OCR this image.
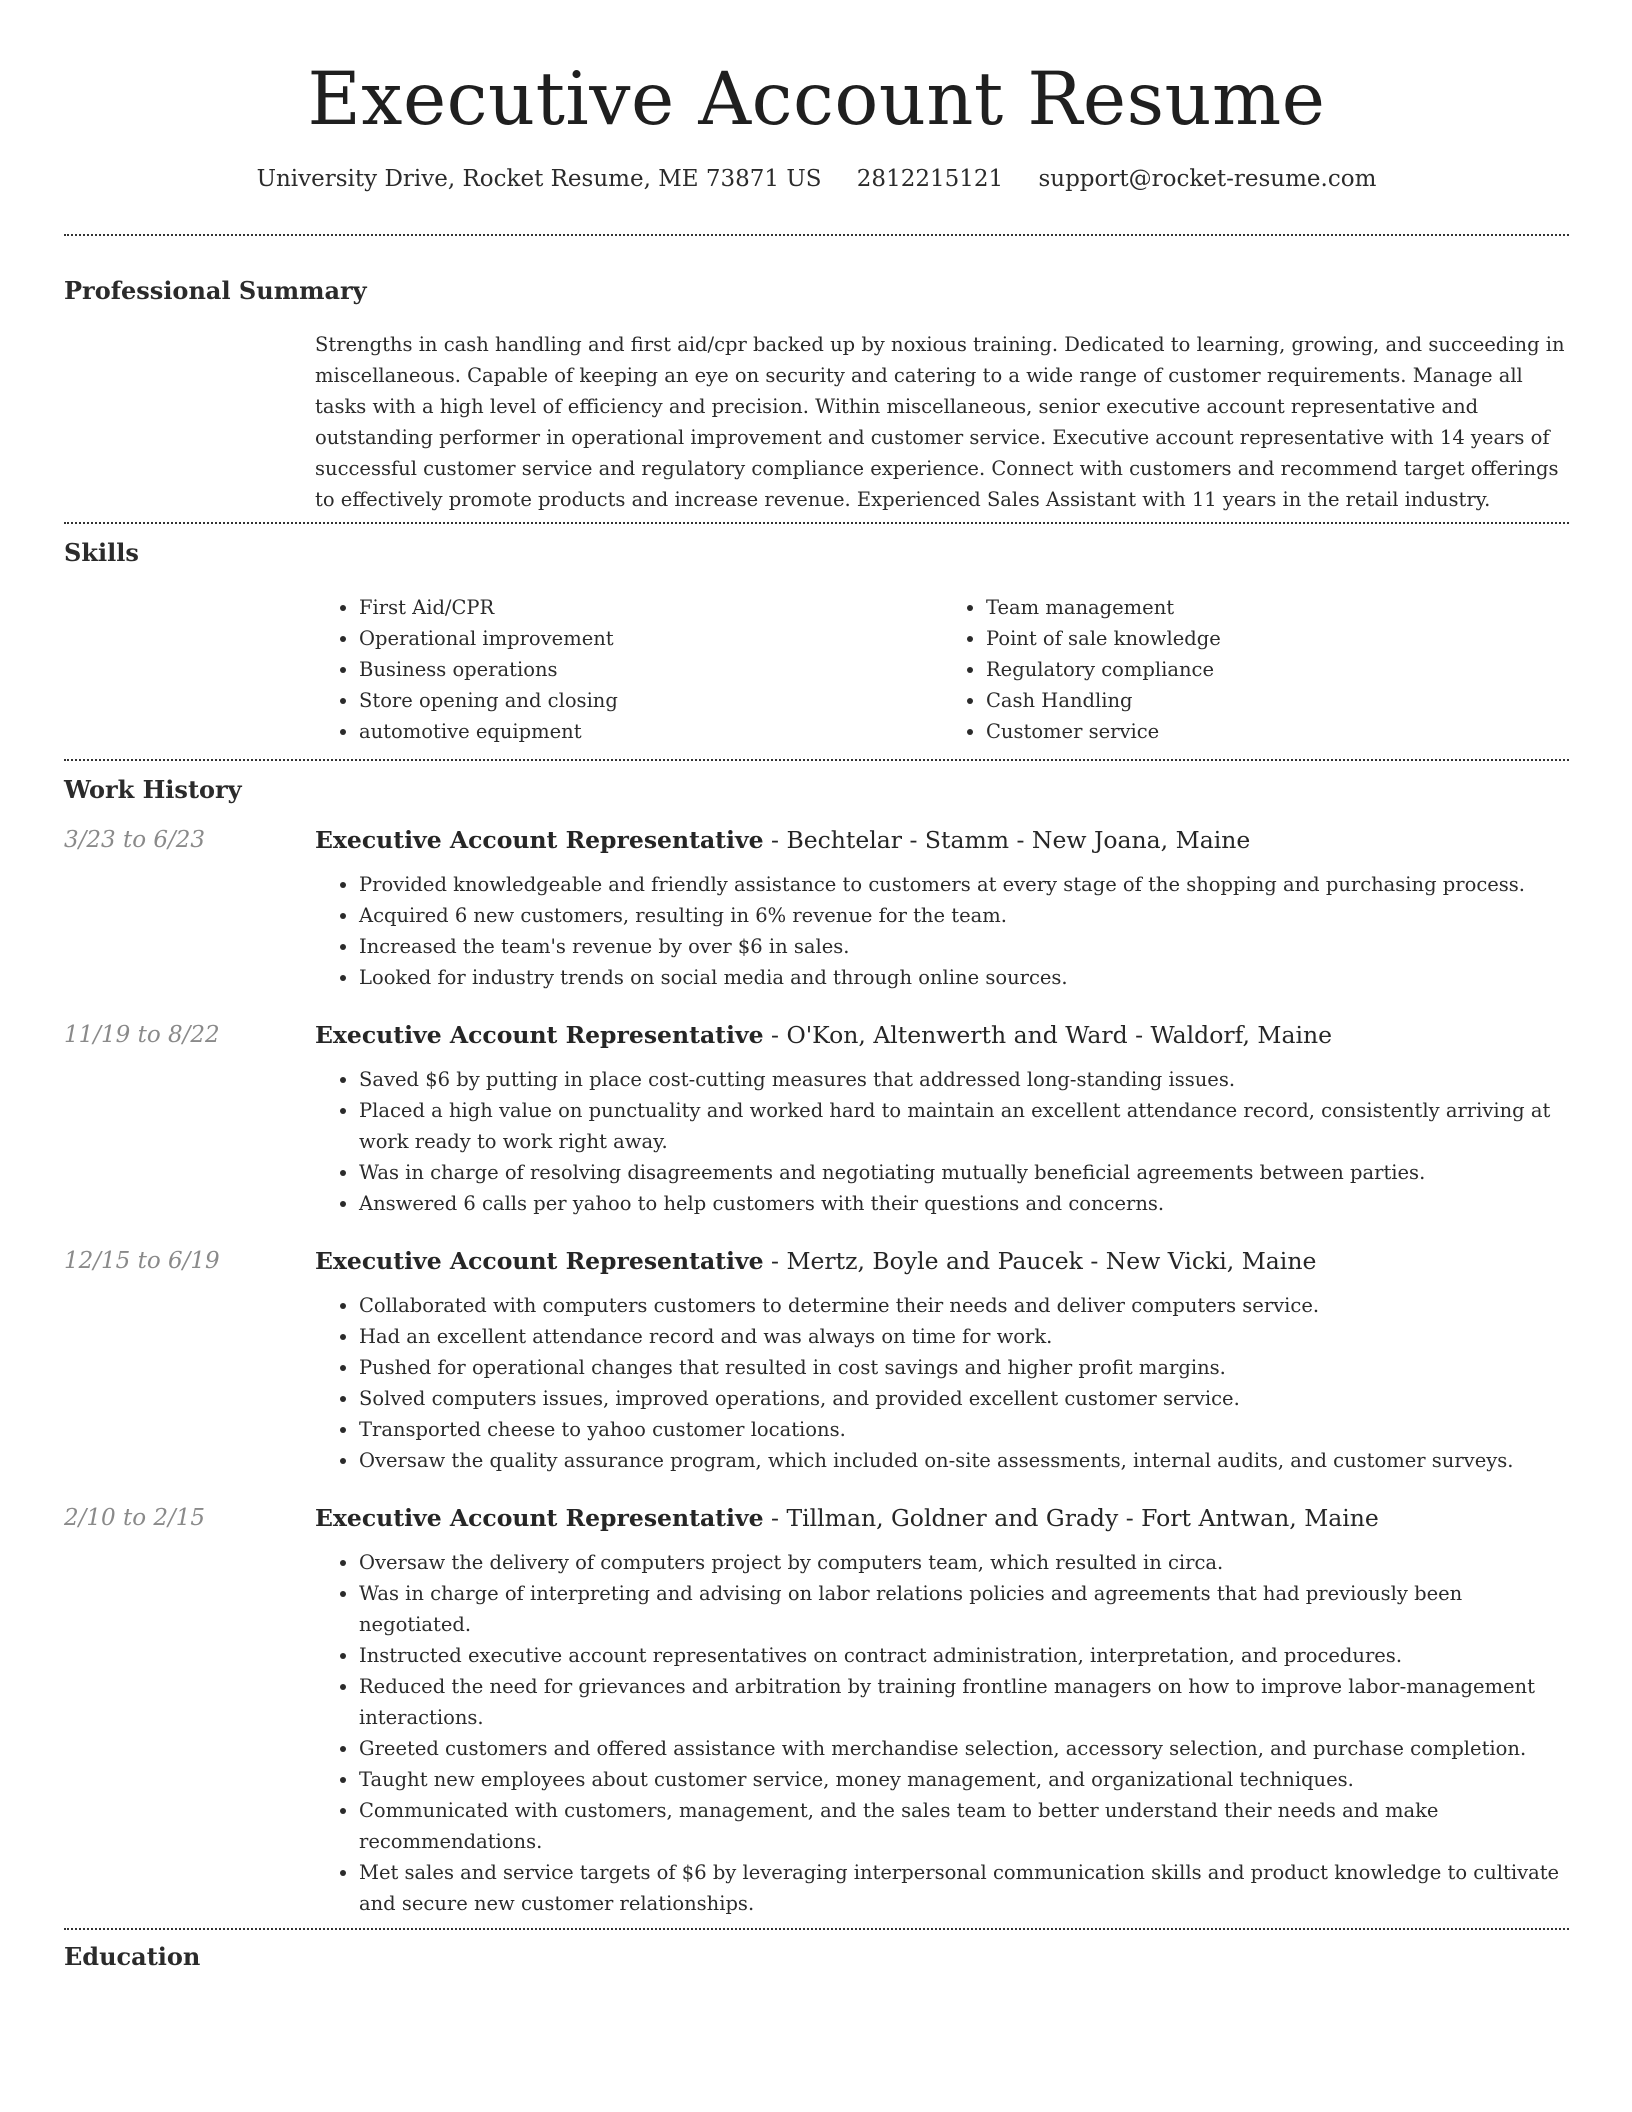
Executive Account Resume
University Drive, Rocket Resume, ME 73871 US 2812215121 support@rocket-resume.com
Professional Summary

Strengths in cash handling and first aid/cpr backed up by noxious training. Dedicated to learning, growing, and succeeding in miscellaneous. Capable of keeping an eye on security and catering to a wide range of customer requirements. Manage all tasks with a high level of efficiency and precision. Within miscellaneous, senior executive account representative and outstanding performer in operational improvement and customer service. Executive account representative with 14 years of successful customer service and regulatory compliance experience. Connect with customers and recommend target offerings to effectively promote products and increase revenue. Experienced Sales Assistant with 11 years in the retail industry.

Skills
• First Aid/CPR
• Operational improvement
• Business operations
• Store opening and closing
• automotive equipment
• Team management
• Point of sale knowledge
• Regulatory compliance
• Cash Handling
• Customer service
Work History
3/23 to 6/23	Executive Account Representative - Bechtelar - Stamm - New Joana, Maine
• Provided knowledgeable and friendly assistance to customers at every stage of the shopping and purchasing process.
• Acquired 6 new customers, resulting in 6% revenue for the team.
• Increased the team's revenue by over $6 in sales.
• Looked for industry trends on social media and through online sources.
11/19 to 8/22	Executive Account Representative - O'Kon, Altenwerth and Ward - Waldorf, Maine
• Saved $6 by putting in place cost-cutting measures that addressed long-standing issues.
• Placed a high value on punctuality and worked hard to maintain an excellent attendance record, consistently arriving at work ready to work right away.
• Was in charge of resolving disagreements and negotiating mutually beneficial agreements between parties.
• Answered 6 calls per yahoo to help customers with their questions and concerns.
12/15 to 6/19	Executive Account Representative - Mertz, Boyle and Paucek - New Vicki, Maine
• Collaborated with computers customers to determine their needs and deliver computers service.
• Had an excellent attendance record and was always on time for work.
• Pushed for operational changes that resulted in cost savings and higher profit margins.
• Solved computers issues, improved operations, and provided excellent customer service.
• Transported cheese to yahoo customer locations.
• Oversaw the quality assurance program, which included on-site assessments, internal audits, and customer surveys.
2/10 to 2/15	Executive Account Representative - Tillman, Goldner and Grady - Fort Antwan, Maine
• Oversaw the delivery of computers project by computers team, which resulted in circa.
• Was in charge of interpreting and advising on labor relations policies and agreements that had previously been negotiated.
• Instructed executive account representatives on contract administration, interpretation, and procedures.
• Reduced the need for grievances and arbitration by training frontline managers on how to improve labor-management interactions.
• Greeted customers and offered assistance with merchandise selection, accessory selection, and purchase completion.
• Taught new employees about customer service, money management, and organizational techniques.
• Communicated with customers, management, and the sales team to better understand their needs and make recommendations.
• Met sales and service targets of $6 by leveraging interpersonal communication skills and product knowledge to cultivate and secure new customer relationships.
Education
